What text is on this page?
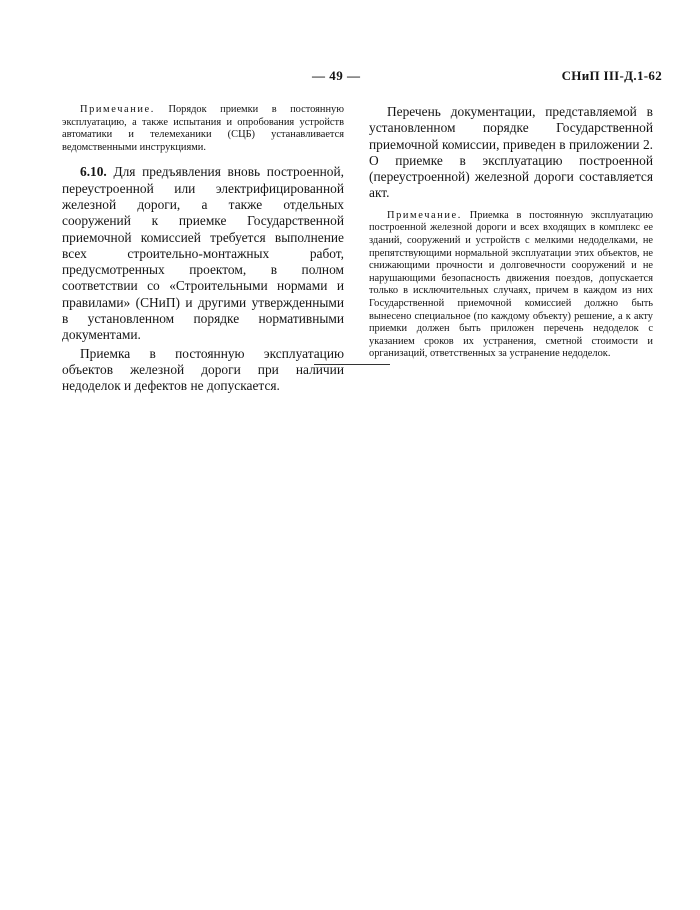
— 49 —	СНиП III-Д.1-62

Примечание. Порядок приемки в постоянную эксплуатацию, а также испытания и опробования устройств автоматики и телемеханики (СЦБ) устанавливается ведомственными инструкциями.

6.10. Для предъявления вновь построенной, переустроенной или электрифицированной железной дороги, а также отдельных сооружений к приемке Государственной приемочной комиссией требуется выполнение всех строительно-монтажных работ, предусмотренных проектом, в полном соответствии со «Строительными нормами и правилами» (СНиП) и другими утвержденными в установленном порядке нормативными документами.

Приемка в постоянную эксплуатацию объектов железной дороги при наличии недоделок и дефектов не допускается.

Перечень документации, представляемой в установленном порядке Государственной приемочной комиссии, приведен в приложении 2. О приемке в эксплуатацию построенной (переустроенной) железной дороги составляется акт.

Примечание. Приемка в постоянную эксплуатацию построенной железной дороги и всех входящих в комплекс ее зданий, сооружений и устройств с мелкими недоделками, не препятствующими нормальной эксплуатации этих объектов, не снижающими прочности и долговечности сооружений и не нарушающими безопасность движения поездов, допускается только в исключительных случаях, причем в каждом из них Государственной приемочной комиссией должно быть вынесено специальное (по каждому объекту) решение, а к акту приемки должен быть приложен перечень недоделок с указанием сроков их устранения, сметной стоимости и организаций, ответственных за устранение недоделок.
